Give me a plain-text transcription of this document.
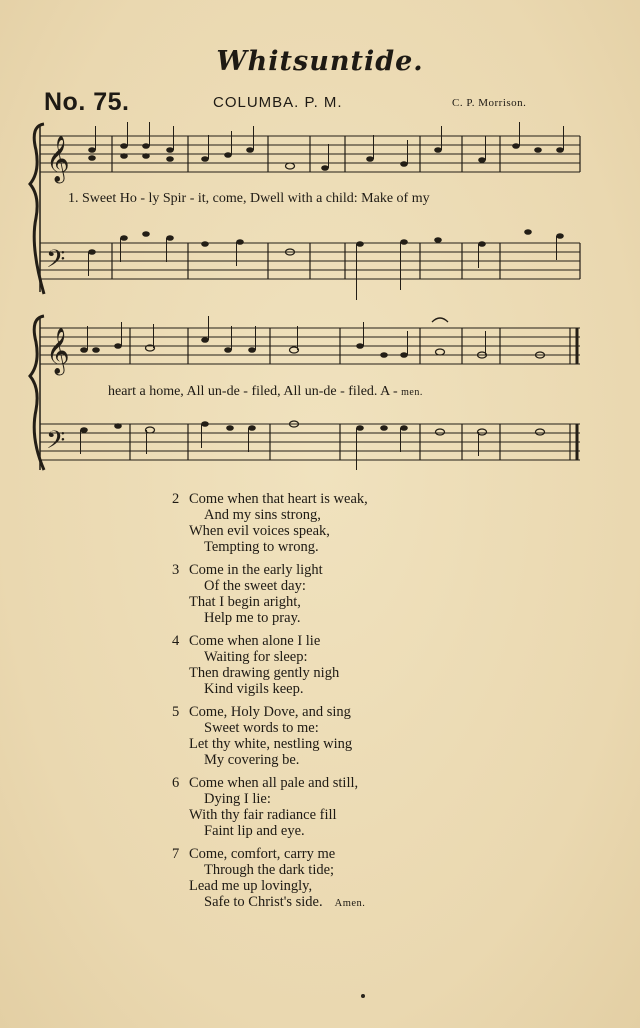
Whitsuntide.
No. 75.	COLUMBA. P. M.	C. P. Morrison.
𝄞
𝄢
𝄞
𝄢
1. Sweet Ho - ly Spir - it, come, Dwell with a child: Make of my
heart a home, All un-de - filed, All un-de - filed. A - men.
2 Come when that heart is weak,
And my sins strong,
When evil voices speak,
Tempting to wrong.
3 Come in the early light
Of the sweet day:
That I begin aright,
Help me to pray.
4 Come when alone I lie
Waiting for sleep:
Then drawing gently nigh
Kind vigils keep.
5 Come, Holy Dove, and sing
Sweet words to me:
Let thy white, nestling wing
My covering be.
6 Come when all pale and still,
Dying I lie:
With thy fair radiance fill
Faint lip and eye.
7 Come, comfort, carry me
Through the dark tide;
Lead me up lovingly,
Safe to Christ's side. Amen.
